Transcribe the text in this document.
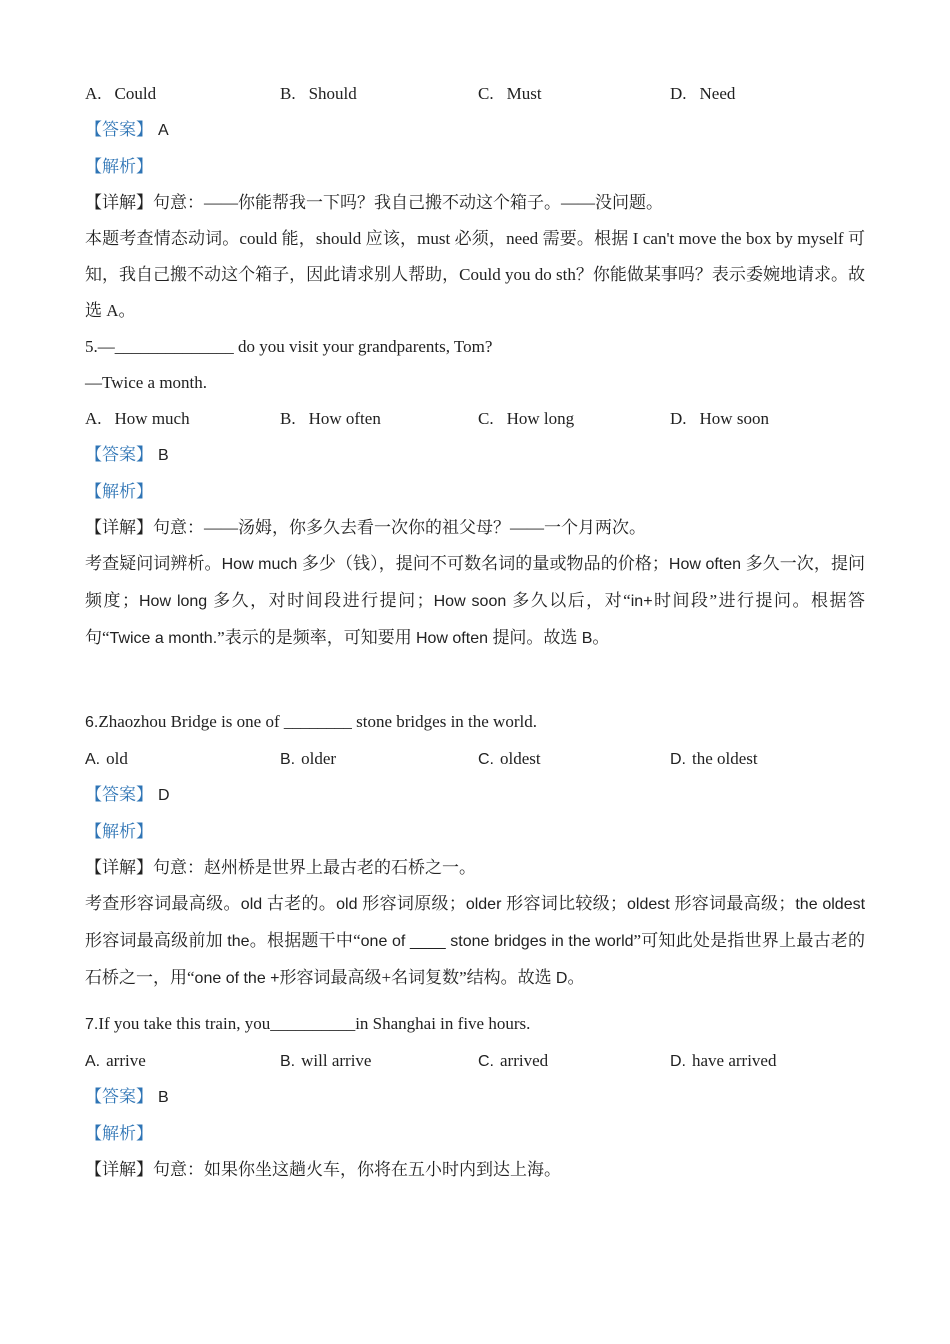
A. Could	B. Should	C. Must	D. Need
【答案】 A
【解析】
【详解】句意：——你能帮我一下吗？我自己搬不动这个箱子。——没问题。
本题考查情态动词。could 能，should 应该，must 必须，need 需要。根据 I can't move the box by myself 可知，我自己搬不动这个箱子，因此请求别人帮助，Could you do sth？你能做某事吗？表示委婉地请求。故选 A。
5.—______________ do you visit your grandparents, Tom?
—Twice a month.
A. How much	B. How often	C. How long	D. How soon
【答案】 B
【解析】
【详解】句意：——汤姆，你多久去看一次你的祖父母？——一个月两次。
考查疑问词辨析。How much 多少（钱），提问不可数名词的量或物品的价格；How often 多久一次，提问频度；How long 多久，对时间段进行提问；How soon 多久以后，对“in+时间段”进行提问。根据答句“Twice a month.”表示的是频率，可知要用 How often 提问。故选 B。
6.Zhaozhou Bridge is one of ________ stone bridges in the world.
A. old	B. older	C. oldest	D. the oldest
【答案】 D
【解析】
【详解】句意：赵州桥是世界上最古老的石桥之一。
考查形容词最高级。old 古老的。old 形容词原级；older 形容词比较级；oldest 形容词最高级；the oldest 形容词最高级前加 the。根据题干中“one of ____ stone bridges in the world”可知此处是指世界上最古老的石桥之一，用“one of the +形容词最高级+名词复数”结构。故选 D。
7.If you take this train, you__________in Shanghai in five hours.
A. arrive	B. will arrive	C. arrived	D. have arrived
【答案】 B
【解析】
【详解】句意：如果你坐这趟火车，你将在五小时内到达上海。
